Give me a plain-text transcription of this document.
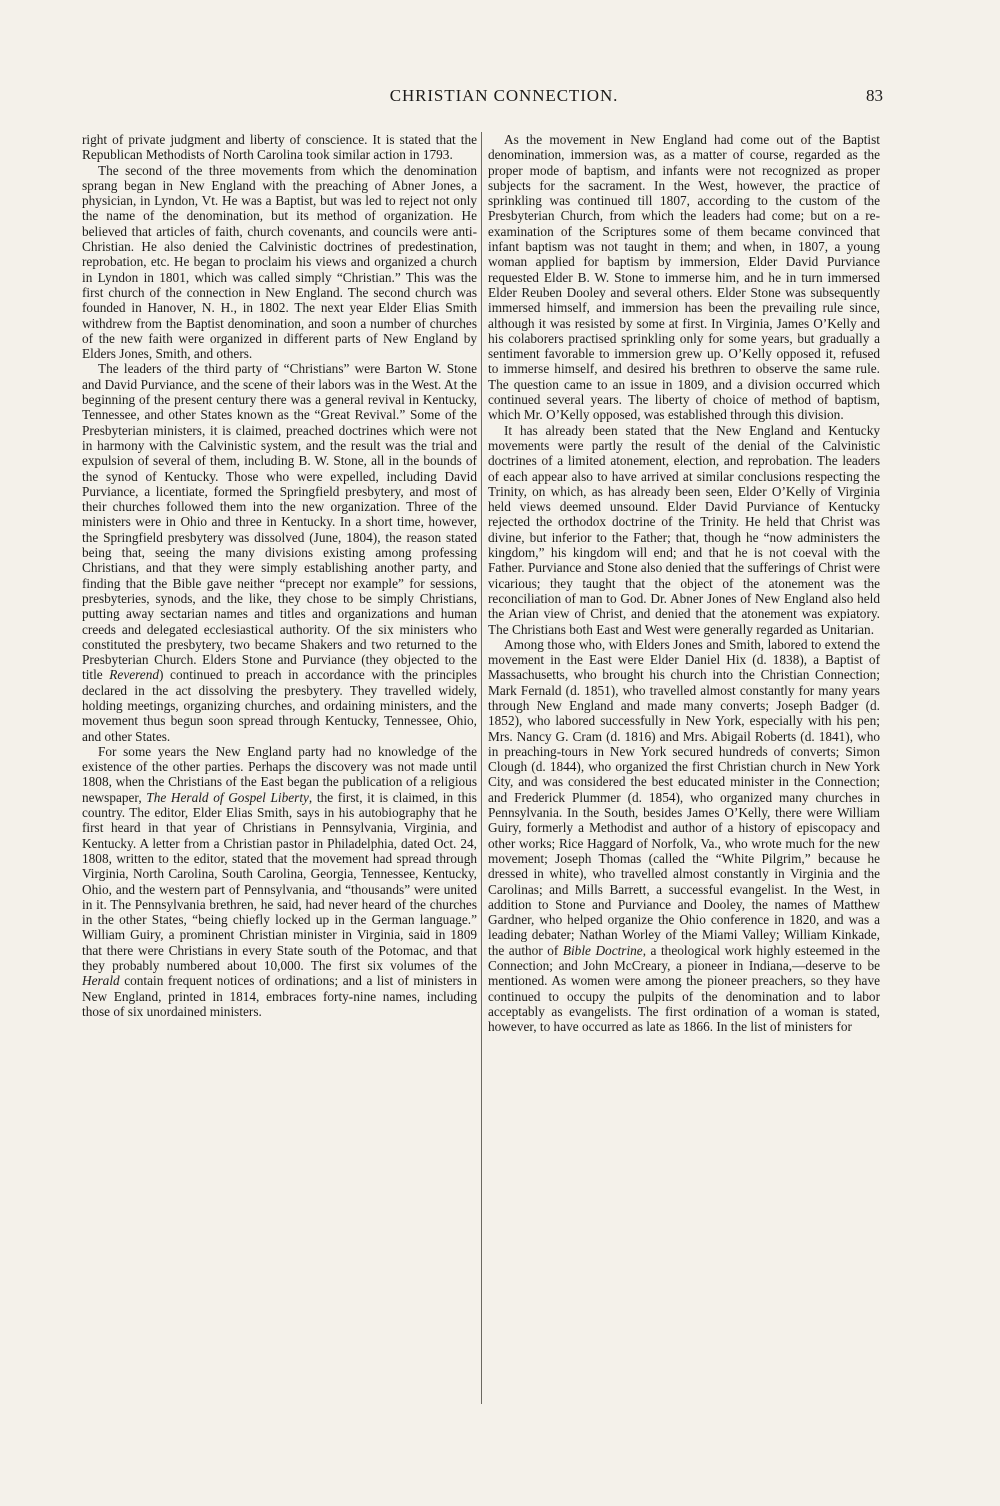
CHRISTIAN CONNECTION.	83

right of private judgment and liberty of conscience. It is stated that the Republican Methodists of North Carolina took similar action in 1793.

The second of the three movements from which the denomination sprang began in New England with the preaching of Abner Jones, a physician, in Lyndon, Vt. He was a Baptist, but was led to reject not only the name of the denomination, but its method of organization. He believed that articles of faith, church covenants, and councils were anti-Christian. He also denied the Calvinistic doctrines of predestination, reprobation, etc. He began to proclaim his views and organized a church in Lyndon in 1801, which was called simply “Christian.” This was the first church of the connection in New England. The second church was founded in Hanover, N. H., in 1802. The next year Elder Elias Smith withdrew from the Baptist denomination, and soon a number of churches of the new faith were organized in different parts of New England by Elders Jones, Smith, and others.

The leaders of the third party of “Christians” were Barton W. Stone and David Purviance, and the scene of their labors was in the West. At the beginning of the present century there was a general revival in Kentucky, Tennessee, and other States known as the “Great Revival.” Some of the Presbyterian ministers, it is claimed, preached doctrines which were not in harmony with the Calvinistic system, and the result was the trial and expulsion of several of them, including B. W. Stone, all in the bounds of the synod of Kentucky. Those who were expelled, including David Purviance, a licentiate, formed the Springfield presbytery, and most of their churches followed them into the new organization. Three of the ministers were in Ohio and three in Kentucky. In a short time, however, the Springfield presbytery was dissolved (June, 1804), the reason stated being that, seeing the many divisions existing among professing Christians, and that they were simply establishing another party, and finding that the Bible gave neither “precept nor example” for sessions, presbyteries, synods, and the like, they chose to be simply Christians, putting away sectarian names and titles and organizations and human creeds and delegated ecclesiastical authority. Of the six ministers who constituted the presbytery, two became Shakers and two returned to the Presbyterian Church. Elders Stone and Purviance (they objected to the title Reverend) continued to preach in accordance with the principles declared in the act dissolving the presbytery. They travelled widely, holding meetings, organizing churches, and ordaining ministers, and the movement thus begun soon spread through Kentucky, Tennessee, Ohio, and other States.

For some years the New England party had no knowledge of the existence of the other parties. Perhaps the discovery was not made until 1808, when the Christians of the East began the publication of a religious newspaper, The Herald of Gospel Liberty, the first, it is claimed, in this country. The editor, Elder Elias Smith, says in his autobiography that he first heard in that year of Christians in Pennsylvania, Virginia, and Kentucky. A letter from a Christian pastor in Philadelphia, dated Oct. 24, 1808, written to the editor, stated that the movement had spread through Virginia, North Carolina, South Carolina, Georgia, Tennessee, Kentucky, Ohio, and the western part of Pennsylvania, and “thousands” were united in it. The Pennsylvania brethren, he said, had never heard of the churches in the other States, “being chiefly locked up in the German language.” William Guiry, a prominent Christian minister in Virginia, said in 1809 that there were Christians in every State south of the Potomac, and that they probably numbered about 10,000. The first six volumes of the Herald contain frequent notices of ordinations; and a list of ministers in New England, printed in 1814, embraces forty-nine names, including those of six unordained ministers.

As the movement in New England had come out of the Baptist denomination, immersion was, as a matter of course, regarded as the proper mode of baptism, and infants were not recognized as proper subjects for the sacrament. In the West, however, the practice of sprinkling was continued till 1807, according to the custom of the Presbyterian Church, from which the leaders had come; but on a re-examination of the Scriptures some of them became convinced that infant baptism was not taught in them; and when, in 1807, a young woman applied for baptism by immersion, Elder David Purviance requested Elder B. W. Stone to immerse him, and he in turn immersed Elder Reuben Dooley and several others. Elder Stone was subsequently immersed himself, and immersion has been the prevailing rule since, although it was resisted by some at first. In Virginia, James O’Kelly and his colaborers practised sprinkling only for some years, but gradually a sentiment favorable to immersion grew up. O’Kelly opposed it, refused to immerse himself, and desired his brethren to observe the same rule. The question came to an issue in 1809, and a division occurred which continued several years. The liberty of choice of method of baptism, which Mr. O’Kelly opposed, was established through this division.

It has already been stated that the New England and Kentucky movements were partly the result of the denial of the Calvinistic doctrines of a limited atonement, election, and reprobation. The leaders of each appear also to have arrived at similar conclusions respecting the Trinity, on which, as has already been seen, Elder O’Kelly of Virginia held views deemed unsound. Elder David Purviance of Kentucky rejected the orthodox doctrine of the Trinity. He held that Christ was divine, but inferior to the Father; that, though he “now administers the kingdom,” his kingdom will end; and that he is not coeval with the Father. Purviance and Stone also denied that the sufferings of Christ were vicarious; they taught that the object of the atonement was the reconciliation of man to God. Dr. Abner Jones of New England also held the Arian view of Christ, and denied that the atonement was expiatory. The Christians both East and West were generally regarded as Unitarian.

Among those who, with Elders Jones and Smith, labored to extend the movement in the East were Elder Daniel Hix (d. 1838), a Baptist of Massachusetts, who brought his church into the Christian Connection; Mark Fernald (d. 1851), who travelled almost constantly for many years through New England and made many converts; Joseph Badger (d. 1852), who labored successfully in New York, especially with his pen; Mrs. Nancy G. Cram (d. 1816) and Mrs. Abigail Roberts (d. 1841), who in preaching-tours in New York secured hundreds of converts; Simon Clough (d. 1844), who organized the first Christian church in New York City, and was considered the best educated minister in the Connection; and Frederick Plummer (d. 1854), who organized many churches in Pennsylvania. In the South, besides James O’Kelly, there were William Guiry, formerly a Methodist and author of a history of episcopacy and other works; Rice Haggard of Norfolk, Va., who wrote much for the new movement; Joseph Thomas (called the “White Pilgrim,” because he dressed in white), who travelled almost constantly in Virginia and the Carolinas; and Mills Barrett, a successful evangelist. In the West, in addition to Stone and Purviance and Dooley, the names of Matthew Gardner, who helped organize the Ohio conference in 1820, and was a leading debater; Nathan Worley of the Miami Valley; William Kinkade, the author of Bible Doctrine, a theological work highly esteemed in the Connection; and John McCreary, a pioneer in Indiana,—deserve to be mentioned. As women were among the pioneer preachers, so they have continued to occupy the pulpits of the denomination and to labor acceptably as evangelists. The first ordination of a woman is stated, however, to have occurred as late as 1866. In the list of ministers for
